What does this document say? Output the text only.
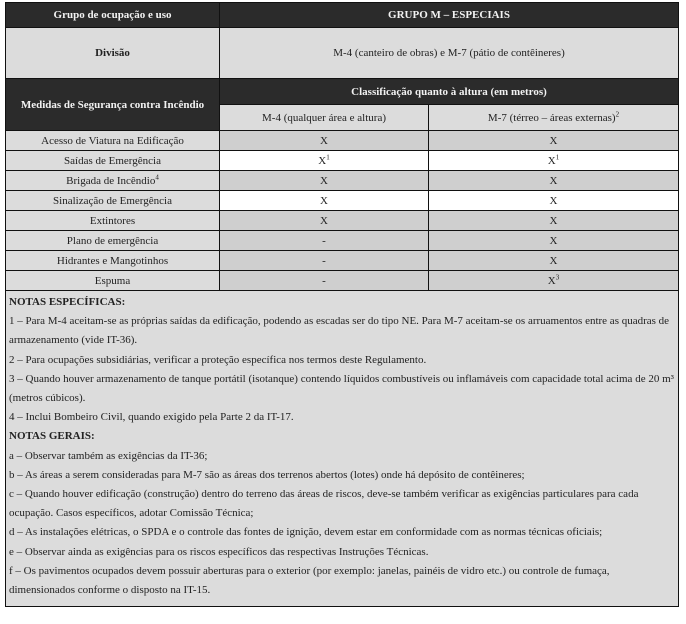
Grupo de ocupação e uso	GRUPO M – ESPECIAIS	
Divisão	M-4 (canteiro de obras) e M-7 (pátio de contêineres)	
Medidas de Segurança contra Incêndio	Classificação quanto à altura (em metros)	
	M-4 (qualquer área e altura)	M-7 (térreo – áreas externas)$^2$
Acesso de Viatura na Edificação	X	X
Saídas de Emergência	$X^1$	$X^1$
Brigada de Incêndio$^4$	X	X
Sinalização de Emergência	X	X
Extintores	X	X
Plano de emergência	-	X
Hidrantes e Mangotinhos	-	X
Espuma	-	$X^3$

NOTAS ESPECÍFICAS:
1 – Para M-4 aceitam-se as próprias saídas da edificação, podendo as escadas ser do tipo NE. Para M-7 aceitam-se os arruamentos entre as quadras de armazenamento (vide IT-36).
2 – Para ocupações subsidiárias, verificar a proteção específica nos termos deste Regulamento.
3 – Quando houver armazenamento de tanque portátil (isotanque) contendo líquidos combustíveis ou inflamáveis com capacidade total acima de 20 m³ (metros cúbicos).
4 – Inclui Bombeiro Civil, quando exigido pela Parte 2 da IT-17.
NOTAS GERAIS:
a – Observar também as exigências da IT-36;
b – As áreas a serem consideradas para M-7 são as áreas dos terrenos abertos (lotes) onde há depósito de contêineres;
c – Quando houver edificação (construção) dentro do terreno das áreas de riscos, deve-se também verificar as exigências particulares para cada ocupação. Casos específicos, adotar Comissão Técnica;
d – As instalações elétricas, o SPDA e o controle das fontes de ignição, devem estar em conformidade com as normas técnicas oficiais;
e – Observar ainda as exigências para os riscos específicos das respectivas Instruções Técnicas.
f – Os pavimentos ocupados devem possuir aberturas para o exterior (por exemplo: janelas, painéis de vidro etc.) ou controle de fumaça, dimensionados conforme o disposto na IT-15.
